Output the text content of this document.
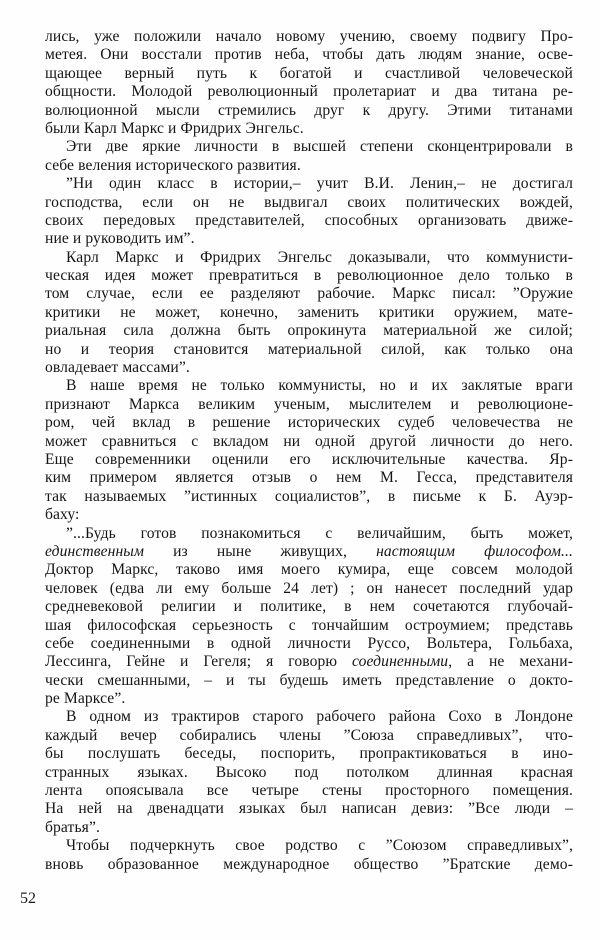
лись, уже положили начало новому учению, своему подвигу Про-
метея. Они восстали против неба, чтобы дать людям знание, осве-
щающее верный путь к богатой и счастливой человеческой
общности. Молодой революционный пролетариат и два титана ре-
волюционной мысли стремились друг к другу. Этими титанами
были Карл Маркс и Фридрих Энгельс.
Эти две яркие личности в высшей степени сконцентрировали в
себе веления исторического развития.
”Ни один класс в истории,– учит В.И. Ленин,– не достигал
господства, если он не выдвигал своих политических вождей,
своих передовых представителей, способных организовать движе-
ние и руководить им”.
Карл Маркс и Фридрих Энгельс доказывали, что коммунисти-
ческая идея может превратиться в революционное дело только в
том случае, если ее разделяют рабочие. Маркс писал: ”Оружие
критики не может, конечно, заменить критики оружием, мате-
риальная сила должна быть опрокинута материальной же силой;
но и теория становится материальной силой, как только она
овладевает массами”.
В наше время не только коммунисты, но и их заклятые враги
признают Маркса великим ученым, мыслителем и революционе-
ром, чей вклад в решение исторических судеб человечества не
может сравниться с вкладом ни одной другой личности до него.
Еще современники оценили его исключительные качества. Яр-
ким примером является отзыв о нем М. Гесса, представителя
так называемых ”истинных социалистов”, в письме к Б. Ауэр-
баху:
”...Будь готов познакомиться с величайшим, быть может,
единственным из ныне живущих, настоящим философом...
Доктор Маркс, таково имя моего кумира, еще совсем молодой
человек (едва ли ему больше 24 лет) ; он нанесет последний удар
средневековой религии и политике, в нем сочетаются глубочай-
шая философская серьезность с тончайшим остроумием; представь
себе соединенными в одной личности Руссо, Вольтера, Гольбаха,
Лессинга, Гейне и Гегеля; я говорю соединенными, а не механи-
чески смешанными, – и ты будешь иметь представление о докто-
ре Марксе”.
В одном из трактиров старого рабочего района Сохо в Лондоне
каждый вечер собирались члены ”Союза справедливых”, что-
бы послушать беседы, поспорить, пропрактиковаться в ино-
странных языках. Высоко под потолком длинная красная
лента опоясывала все четыре стены просторного помещения.
На ней на двенадцати языках был написан девиз: ”Все люди –
братья”.
Чтобы подчеркнуть свое родство с ”Союзом справедливых”,
вновь образованное международное общество ”Братские демо-
52
